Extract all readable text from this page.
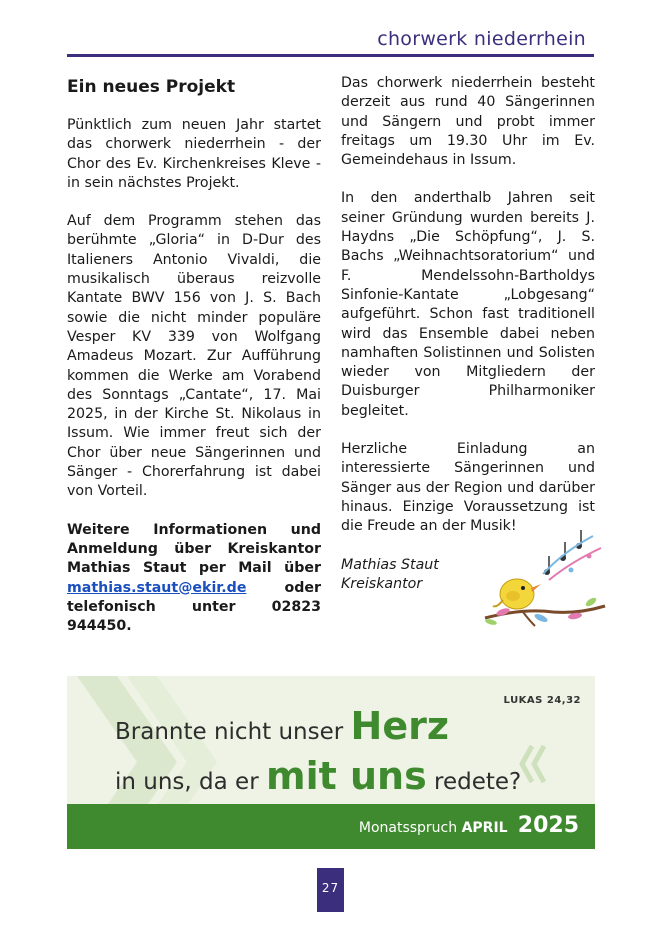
chorwerk niederrhein
Ein neues Projekt

Pünktlich zum neuen Jahr startet das chorwerk niederrhein - der Chor des Ev. Kirchenkreises Kleve - in sein nächstes Projekt.

Auf dem Programm stehen das berühmte „Gloria“ in D-Dur des Italieners Antonio Vivaldi, die musikalisch überaus reizvolle Kantate BWV 156 von J. S. Bach sowie die nicht minder populäre Vesper KV 339 von Wolfgang Amadeus Mozart. Zur Aufführung kommen die Werke am Vorabend des Sonntags „Cantate“, 17. Mai 2025, in der Kirche St. Nikolaus in Issum. Wie immer freut sich der Chor über neue Sängerinnen und Sänger - Chorerfahrung ist dabei von Vorteil.

Weitere Informationen und Anmeldung über Kreiskantor Mathias Staut per Mail über mathias.staut@ekir.de oder telefonisch unter 02823 944450.

Das chorwerk niederrhein besteht derzeit aus rund 40 Sängerinnen und Sängern und probt immer freitags um 19.30 Uhr im Ev. Gemeindehaus in Issum.

In den anderthalb Jahren seit seiner Gründung wurden bereits J. Haydns „Die Schöpfung“, J. S. Bachs „Weihnachtsoratorium“ und F. Mendelssohn-Bartholdys Sinfonie-Kantate „Lobgesang“ aufgeführt. Schon fast traditionell wird das Ensemble dabei neben namhaften Solistinnen und Solisten wieder von Mitgliedern der Duisburger Philharmoniker begleitet.

Herzliche Einladung an interessierte Sängerinnen und Sänger aus der Region und darüber hinaus. Einzige Voraussetzung ist die Freude an der Musik!

Mathias Staut
Kreiskantor
LUKAS 24,32
Brannte nicht unser Herz
in uns, da er mit uns redete?
Monatsspruch APRIL 2025
27
